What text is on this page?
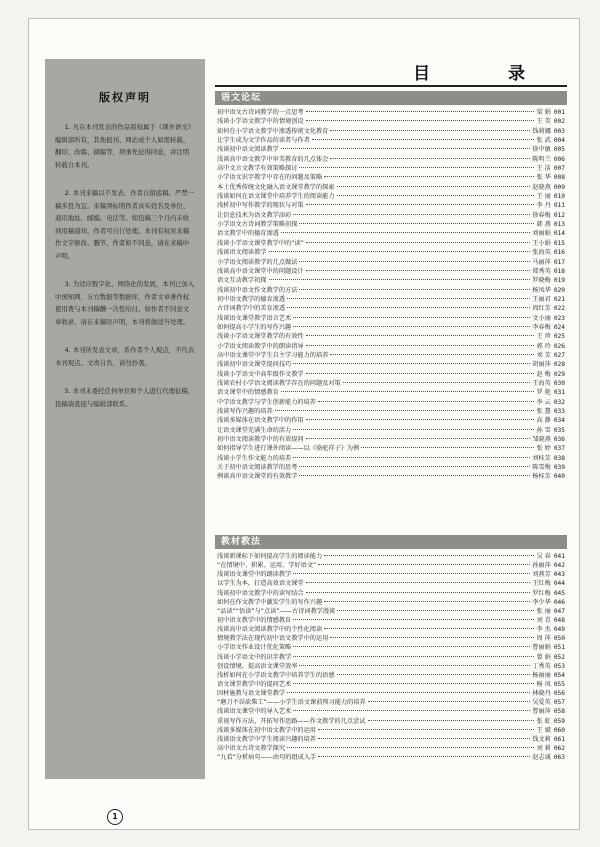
版权声明

1. 凡在本刊发表的作品版权属于《课外语文》编辑部所有，其他报刊、网站或个人如需转载、翻印、改编、摘编等，须事先征得同意，并注明转载自本刊。

2. 本刊来稿以不发表、作者自留底稿、严禁一稿多投为宜。来稿须标明作者真实姓名及单位、通讯地址、邮编、电话等。如投稿三个月内未收到用稿通知，作者可自行处理。本刊有权对来稿作文字修改、删节，作者如不同意，请在来稿中声明。

3. 为适应数字化、网络化的发展，本刊已加入中国知网、万方数据等数据库，作者文章著作权使用费与本刊稿酬一次性给付。如作者不同意文章收录，请在来稿时声明，本刊将做适当处理。

4. 本刊所发表文章，系作者个人观点，不代表本刊观点。文责自负，请勿抄袭。

5. 本刊未委托任何单位和个人进行代理征稿，投稿请直接与编辑部联系。

目 录
语文论坛
初中语文古诗词教学的一点思考	梁 娟 001
浅谈小学语文教学中的情境创设	王 美 002
如何在小学语文教学中渗透传统文化教育	钱莉娜 003
让学生成为文学作品的读者与作者	张 武 004
浅谈初中语文阅读教学	徐中敏 005
浅谈高中语文教学中审美教育的几点体会	陈明兰 006
高中文言文教学有效策略探讨	王 洁 007
小学语文识字教学中存在的问题及策略	张 华 008
本土优秀传统文化融入语文课堂教学的探索	赵晓燕 009
浅谈如何在语文课堂中培养学生的阅读能力	王 丽 010
浅析初中写作教学的现状与对策	李 丹 011
让信息技术为语文教学添彩	徐春梅 012
小学语文古诗词教学策略初探	韩 燕 013
语文教学中的德育渗透	刘丽娟 014
浅谈小学语文课堂教学中的“读”	王小娟 015
浅谈语文阅读教学	张海英 016
小学语文阅读教学的几点做法	马丽萍 017
浅谈高中语文课堂中的问题设计	郑秀英 018
语文互动教学初探	罗晓梅 019
浅谈初中语文作文教学的方法	杨凤华 020
初中语文教学的德育渗透	王丽君 021
古诗词教学中的美育渗透	周红芳 022
浅谈语文课堂教学语言艺术	文小丽 023
如何提高小学生的写作兴趣	李春梅 024
浅谈小学语文课堂教学的有效性	王 珍 025
小学语文阅读教学中的朗读指导	郭 玲 026
高中语文课堂中学生自主学习能力的培养	刘 芳 027
浅谈初中语文课堂提问技巧	胡丽萍 028
浅谈小学语文中高年级作文教学	赵 梅 029
浅谈农村小学语文阅读教学存在的问题及对策	王海英 030
语文课堂中的情感教育	罗 艳 031
中学语文教学与学生创新能力的培养	李 云 032
浅谈写作兴趣的培养	张 慧 033
浅谈多媒体在语文教学中的作用	高 静 034
让语文课堂充满生命的活力	孙 雪 035
初中语文阅读教学中的有效提问	邹晓燕 036
如何指导学生进行课外阅读——以《骆驼祥子》为例	张 婷 037
浅谈小学生作文能力的培养	刘桂芳 038
关于初中语文阅读教学的思考	陈雪梅 039
例谈高中语文课堂的有效教学	杨桂芳 040
教材教法
浅谈新课标下如何提高学生的阅读能力	吴 春 041
“在情境中、积累、运用、学好语文”	孙丽萍 042
浅谈语文课堂中的朗读教学	刘燕芳 043
以学生为本，打造高效语文课堂	王红梅 044
浅谈初中语文教学中的读写结合	罗红梅 045
如何在作文教学中激发学生的写作兴趣	李少华 046
“品读”“悟读”与“点读”——古诗词教学漫谈	张 丽 047
初中语文教学中的情感教育	刘 青 048
浅谈高中语文阅读教学中的个性化阅读	李 杰 049
情境教学法在现代初中语文教学中的运用	周 萍 050
小学语文作业设计优化策略	曹丽娟 051
浅谈小学语文中的识字教学	曾 娟 052
创设情境，提高语文课堂效率	丁秀英 053
浅析如何在小学语文教学中培养学生的语感	杨丽丽 054
语文课堂教学中的提问艺术	杨 凤 055
因材施教与语文课堂教学	林晓丹 056
“磨刀不误砍柴工”——小学生语文课前预习能力的培养	吴爱英 057
浅谈语文课堂中的导入艺术	曹丽萍 058
重视写作方法，开拓写作思路——作文教学的几点尝试	张 虹 059
浅谈多媒体在初中语文教学中的运用	王 斌 060
浅谈语文教学中学生阅读兴趣的培养	钱文莉 061
高中语文古诗文教学探究	刘 莉 062
“九看”分析病句——由句的组成入手	赵志诚 063
1
